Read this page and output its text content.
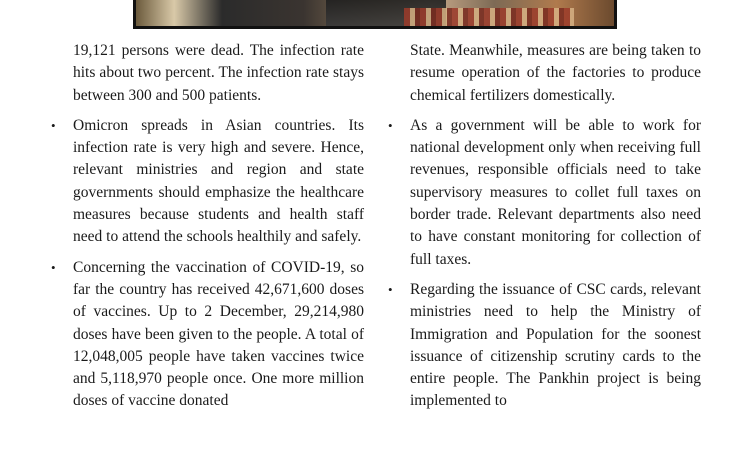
19,121 persons were dead. The infection rate hits about two percent. The infection rate stays between 300 and 500 patients.

• Omicron spreads in Asian countries. Its infection rate is very high and severe. Hence, relevant ministries and region and state governments should emphasize the healthcare measures because students and health staff need to attend the schools healthily and safely.

• Concerning the vaccination of COVID-19, so far the country has received 42,671,600 doses of vaccines. Up to 2 December, 29,214,980 doses have been given to the people. A total of 12,048,005 people have taken vaccines twice and 5,118,970 people once. One more million doses of vaccine donated

State. Meanwhile, measures are being taken to resume operation of the factories to produce chemical fertilizers domestically.

• As a government will be able to work for national development only when receiving full revenues, responsible officials need to take supervisory measures to collet full taxes on border trade. Relevant departments also need to have constant monitoring for collection of full taxes.

• Regarding the issuance of CSC cards, relevant ministries need to help the Ministry of Immigration and Population for the soonest issuance of citizenship scrutiny cards to the entire people. The Pankhin project is being implemented to
